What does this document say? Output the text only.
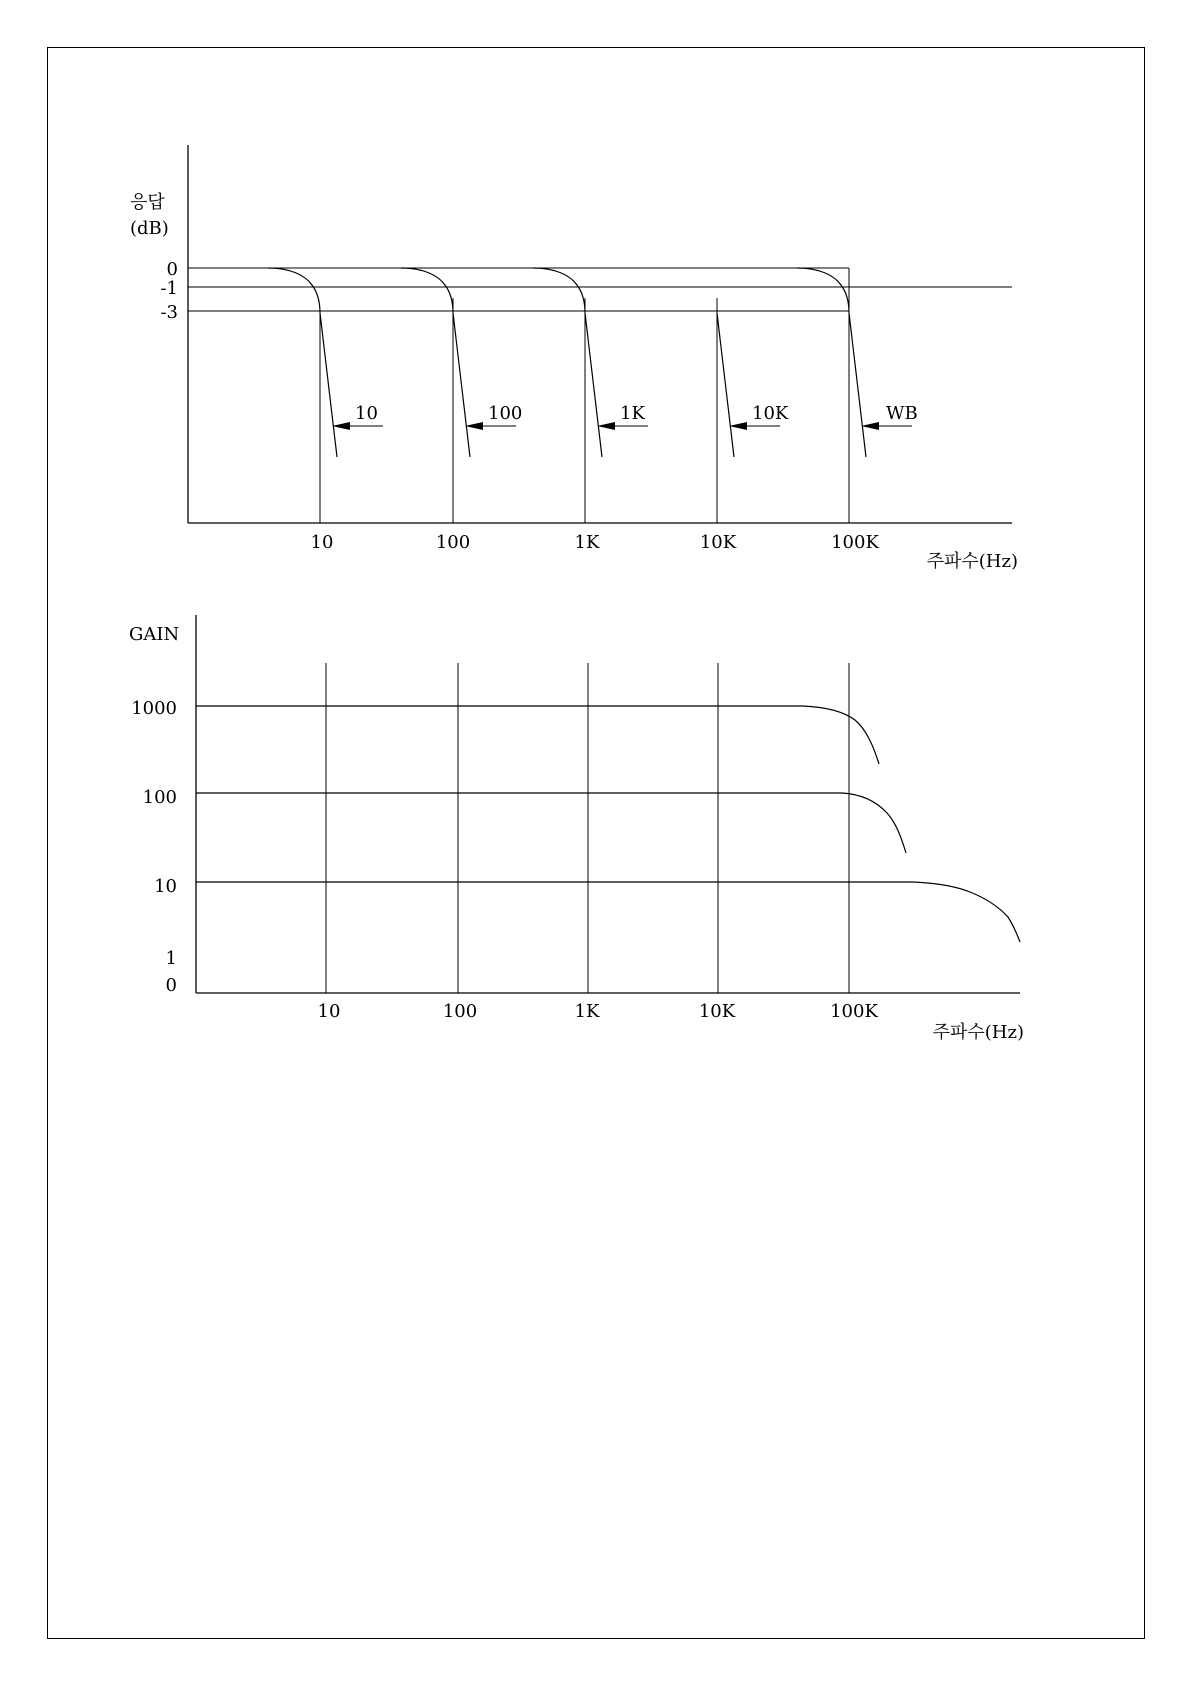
응답
(dB)
0
-1
-3
10	100	1K	10K	WB
10	100	1K	10K	100K
주파수(Hz)
GAIN
1000
100
10
1
0
10	100	1K	10K	100K
주파수(Hz)
